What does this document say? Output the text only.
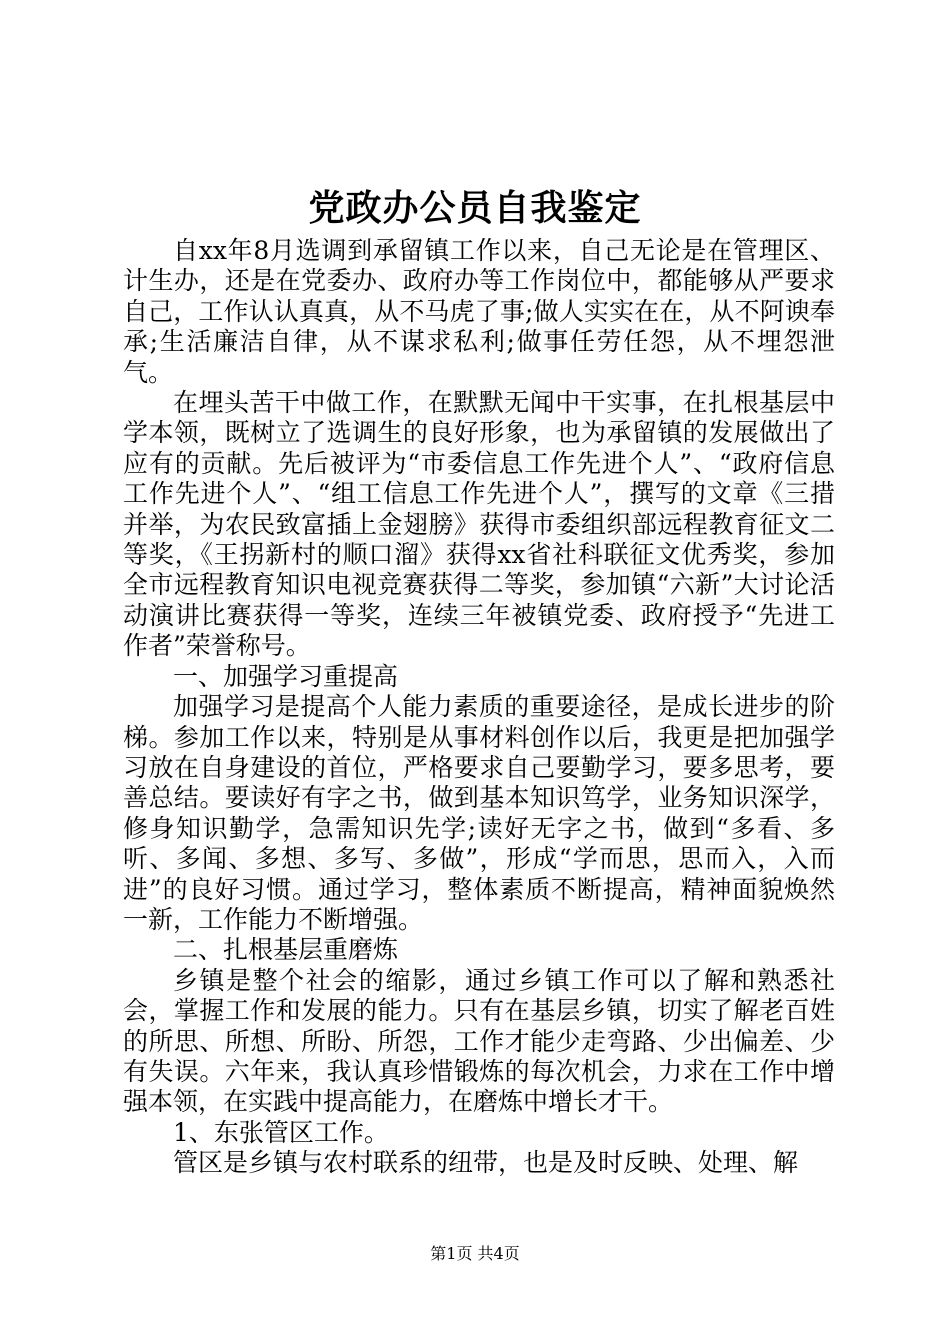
党政办公员自我鉴定

自xx年8月选调到承留镇工作以来，自己无论是在管理区、计生办，还是在党委办、政府办等工作岗位中，都能够从严要求自己，工作认认真真，从不马虎了事;做人实实在在，从不阿谀奉承;生活廉洁自律，从不谋求私利;做事任劳任怨，从不埋怨泄气。

在埋头苦干中做工作，在默默无闻中干实事，在扎根基层中学本领，既树立了选调生的良好形象，也为承留镇的发展做出了应有的贡献。先后被评为“市委信息工作先进个人”、“政府信息工作先进个人”、“组工信息工作先进个人”，撰写的文章《三措并举，为农民致富插上金翅膀》获得市委组织部远程教育征文二等奖，《王拐新村的顺口溜》获得xx省社科联征文优秀奖，参加全市远程教育知识电视竞赛获得二等奖，参加镇“六新”大讨论活动演讲比赛获得一等奖，连续三年被镇党委、政府授予“先进工作者”荣誉称号。

一、加强学习重提高

加强学习是提高个人能力素质的重要途径，是成长进步的阶梯。参加工作以来，特别是从事材料创作以后，我更是把加强学习放在自身建设的首位，严格要求自己要勤学习，要多思考，要善总结。要读好有字之书，做到基本知识笃学，业务知识深学，修身知识勤学，急需知识先学;读好无字之书，做到“多看、多听、多闻、多想、多写、多做”，形成“学而思，思而入，入而进”的良好习惯。通过学习，整体素质不断提高，精神面貌焕然一新，工作能力不断增强。

二、扎根基层重磨炼

乡镇是整个社会的缩影，通过乡镇工作可以了解和熟悉社会，掌握工作和发展的能力。只有在基层乡镇，切实了解老百姓的所思、所想、所盼、所怨，工作才能少走弯路、少出偏差、少有失误。六年来，我认真珍惜锻炼的每次机会，力求在工作中增强本领，在实践中提高能力，在磨炼中增长才干。

1、东张管区工作。

管区是乡镇与农村联系的纽带，也是及时反映、处理、解

第1页 共4页
